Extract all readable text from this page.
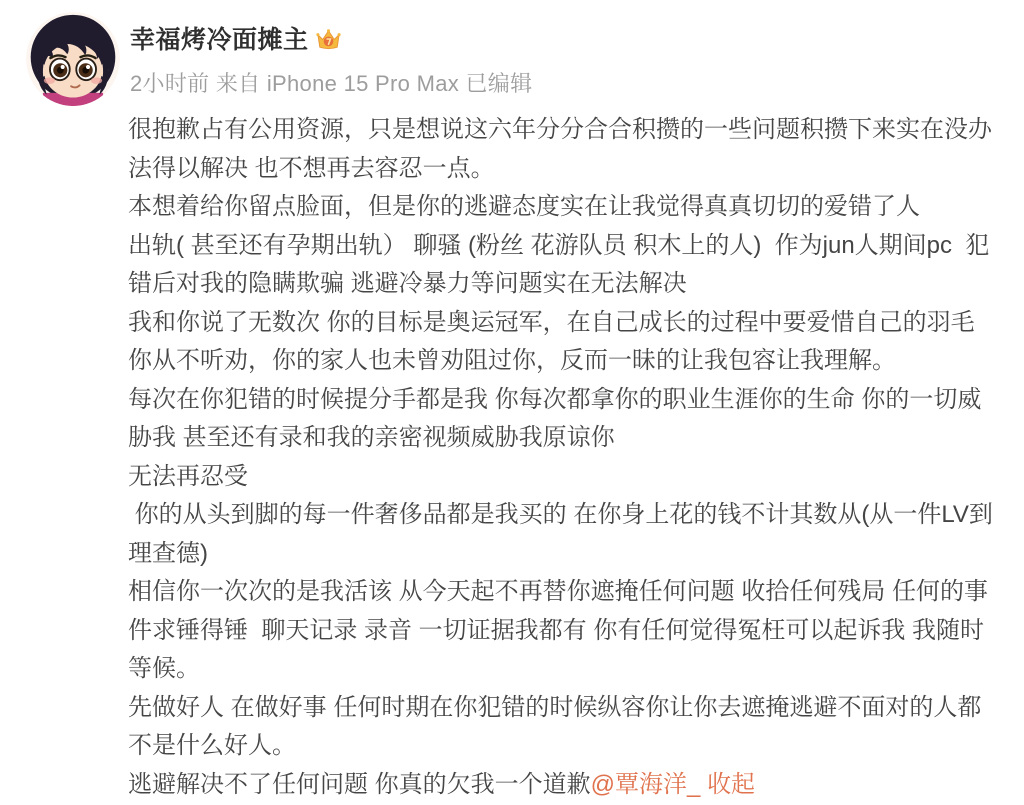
幸福烤冷面摊主
2小时前 来自 iPhone 15 Pro Max 已编辑
很抱歉占有公用资源，只是想说这六年分分合合积攒的一些问题积攒下来实在没办
法得以解决 也不想再去容忍一点。
本想着给你留点脸面，但是你的逃避态度实在让我觉得真真切切的爱错了人
出轨( 甚至还有孕期出轨） 聊骚 (粉丝 花游队员 积木上的人)  作为jun人期间pc  犯
错后对我的隐瞒欺骗 逃避冷暴力等问题实在无法解决
我和你说了无数次 你的目标是奥运冠军，在自己成长的过程中要爱惜自己的羽毛
你从不听劝，你的家人也未曾劝阻过你，反而一昧的让我包容让我理解。
每次在你犯错的时候提分手都是我 你每次都拿你的职业生涯你的生命 你的一切威
胁我 甚至还有录和我的亲密视频威胁我原谅你
无法再忍受
你的从头到脚的每一件奢侈品都是我买的 在你身上花的钱不计其数从(从一件LV到
理查德)
相信你一次次的是我活该 从今天起不再替你遮掩任何问题 收拾任何残局 任何的事
件求锤得锤  聊天记录 录音 一切证据我都有 你有任何觉得冤枉可以起诉我 我随时
等候。
先做好人 在做好事 任何时期在你犯错的时候纵容你让你去遮掩逃避不面对的人都
不是什么好人。
逃避解决不了任何问题 你真的欠我一个道歉@覃海洋_ 收起
